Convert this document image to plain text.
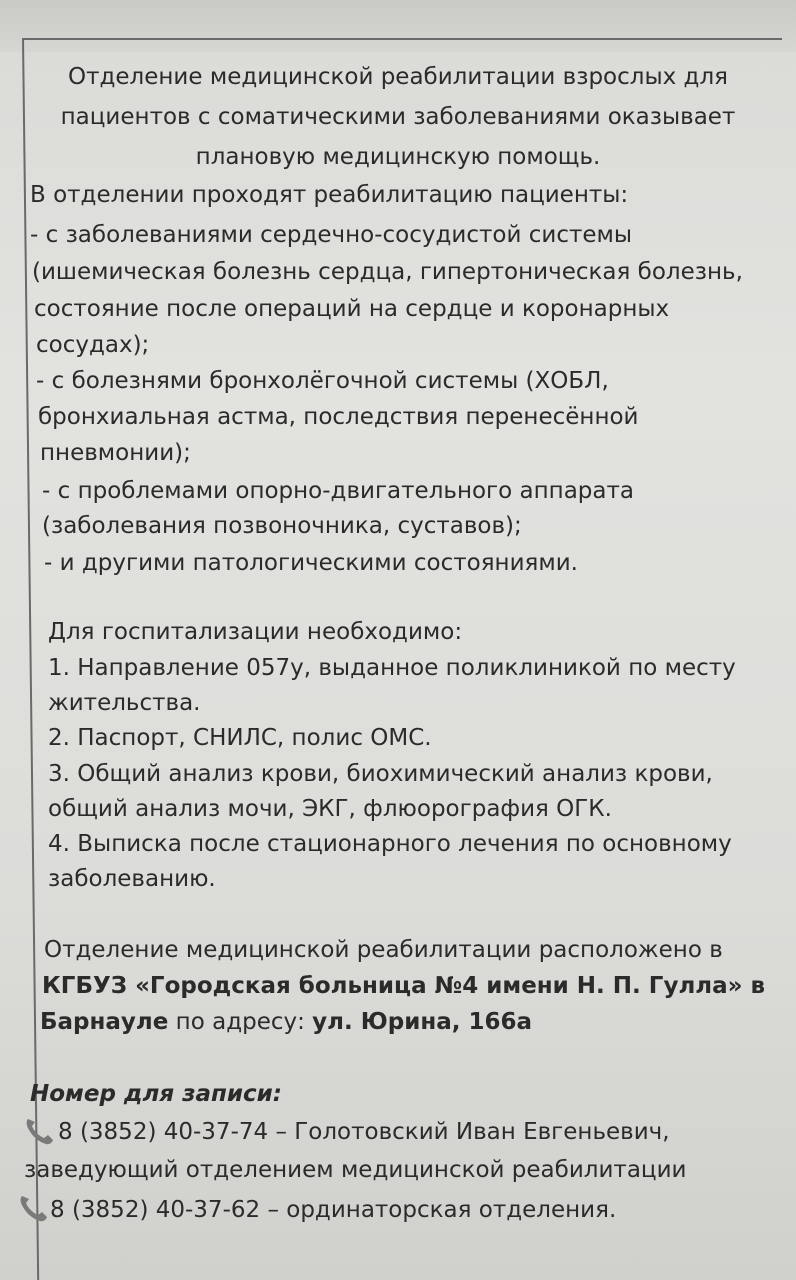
Отделение медицинской реабилитации взрослых для
пациентов с соматическими заболеваниями оказывает
плановую медицинскую помощь.
В отделении проходят реабилитацию пациенты:
- с заболеваниями сердечно-сосудистой системы
(ишемическая болезнь сердца, гипертоническая болезнь,
состояние после операций на сердце и коронарных
сосудах);
- с болезнями бронхолёгочной системы (ХОБЛ,
бронхиальная астма, последствия перенесённой
пневмонии);
- с проблемами опорно-двигательного аппарата
(заболевания позвоночника, суставов);
- и другими патологическими состояниями.
Для госпитализации необходимо:
1. Направление 057у, выданное поликлиникой по месту
жительства.
2. Паспорт, СНИЛС, полис ОМС.
3. Общий анализ крови, биохимический анализ крови,
общий анализ мочи, ЭКГ, флюорография ОГК.
4. Выписка после стационарного лечения по основному
заболеванию.
Отделение медицинской реабилитации расположено в
КГБУЗ «Городская больница №4 имени Н. П. Гулла» в
Барнауле по адресу: ул. Юрина, 166а
Номер для записи:
8 (3852) 40-37-74 – Голотовский Иван Евгеньевич,
заведующий отделением медицинской реабилитации
8 (3852) 40-37-62 – ординаторская отделения.
